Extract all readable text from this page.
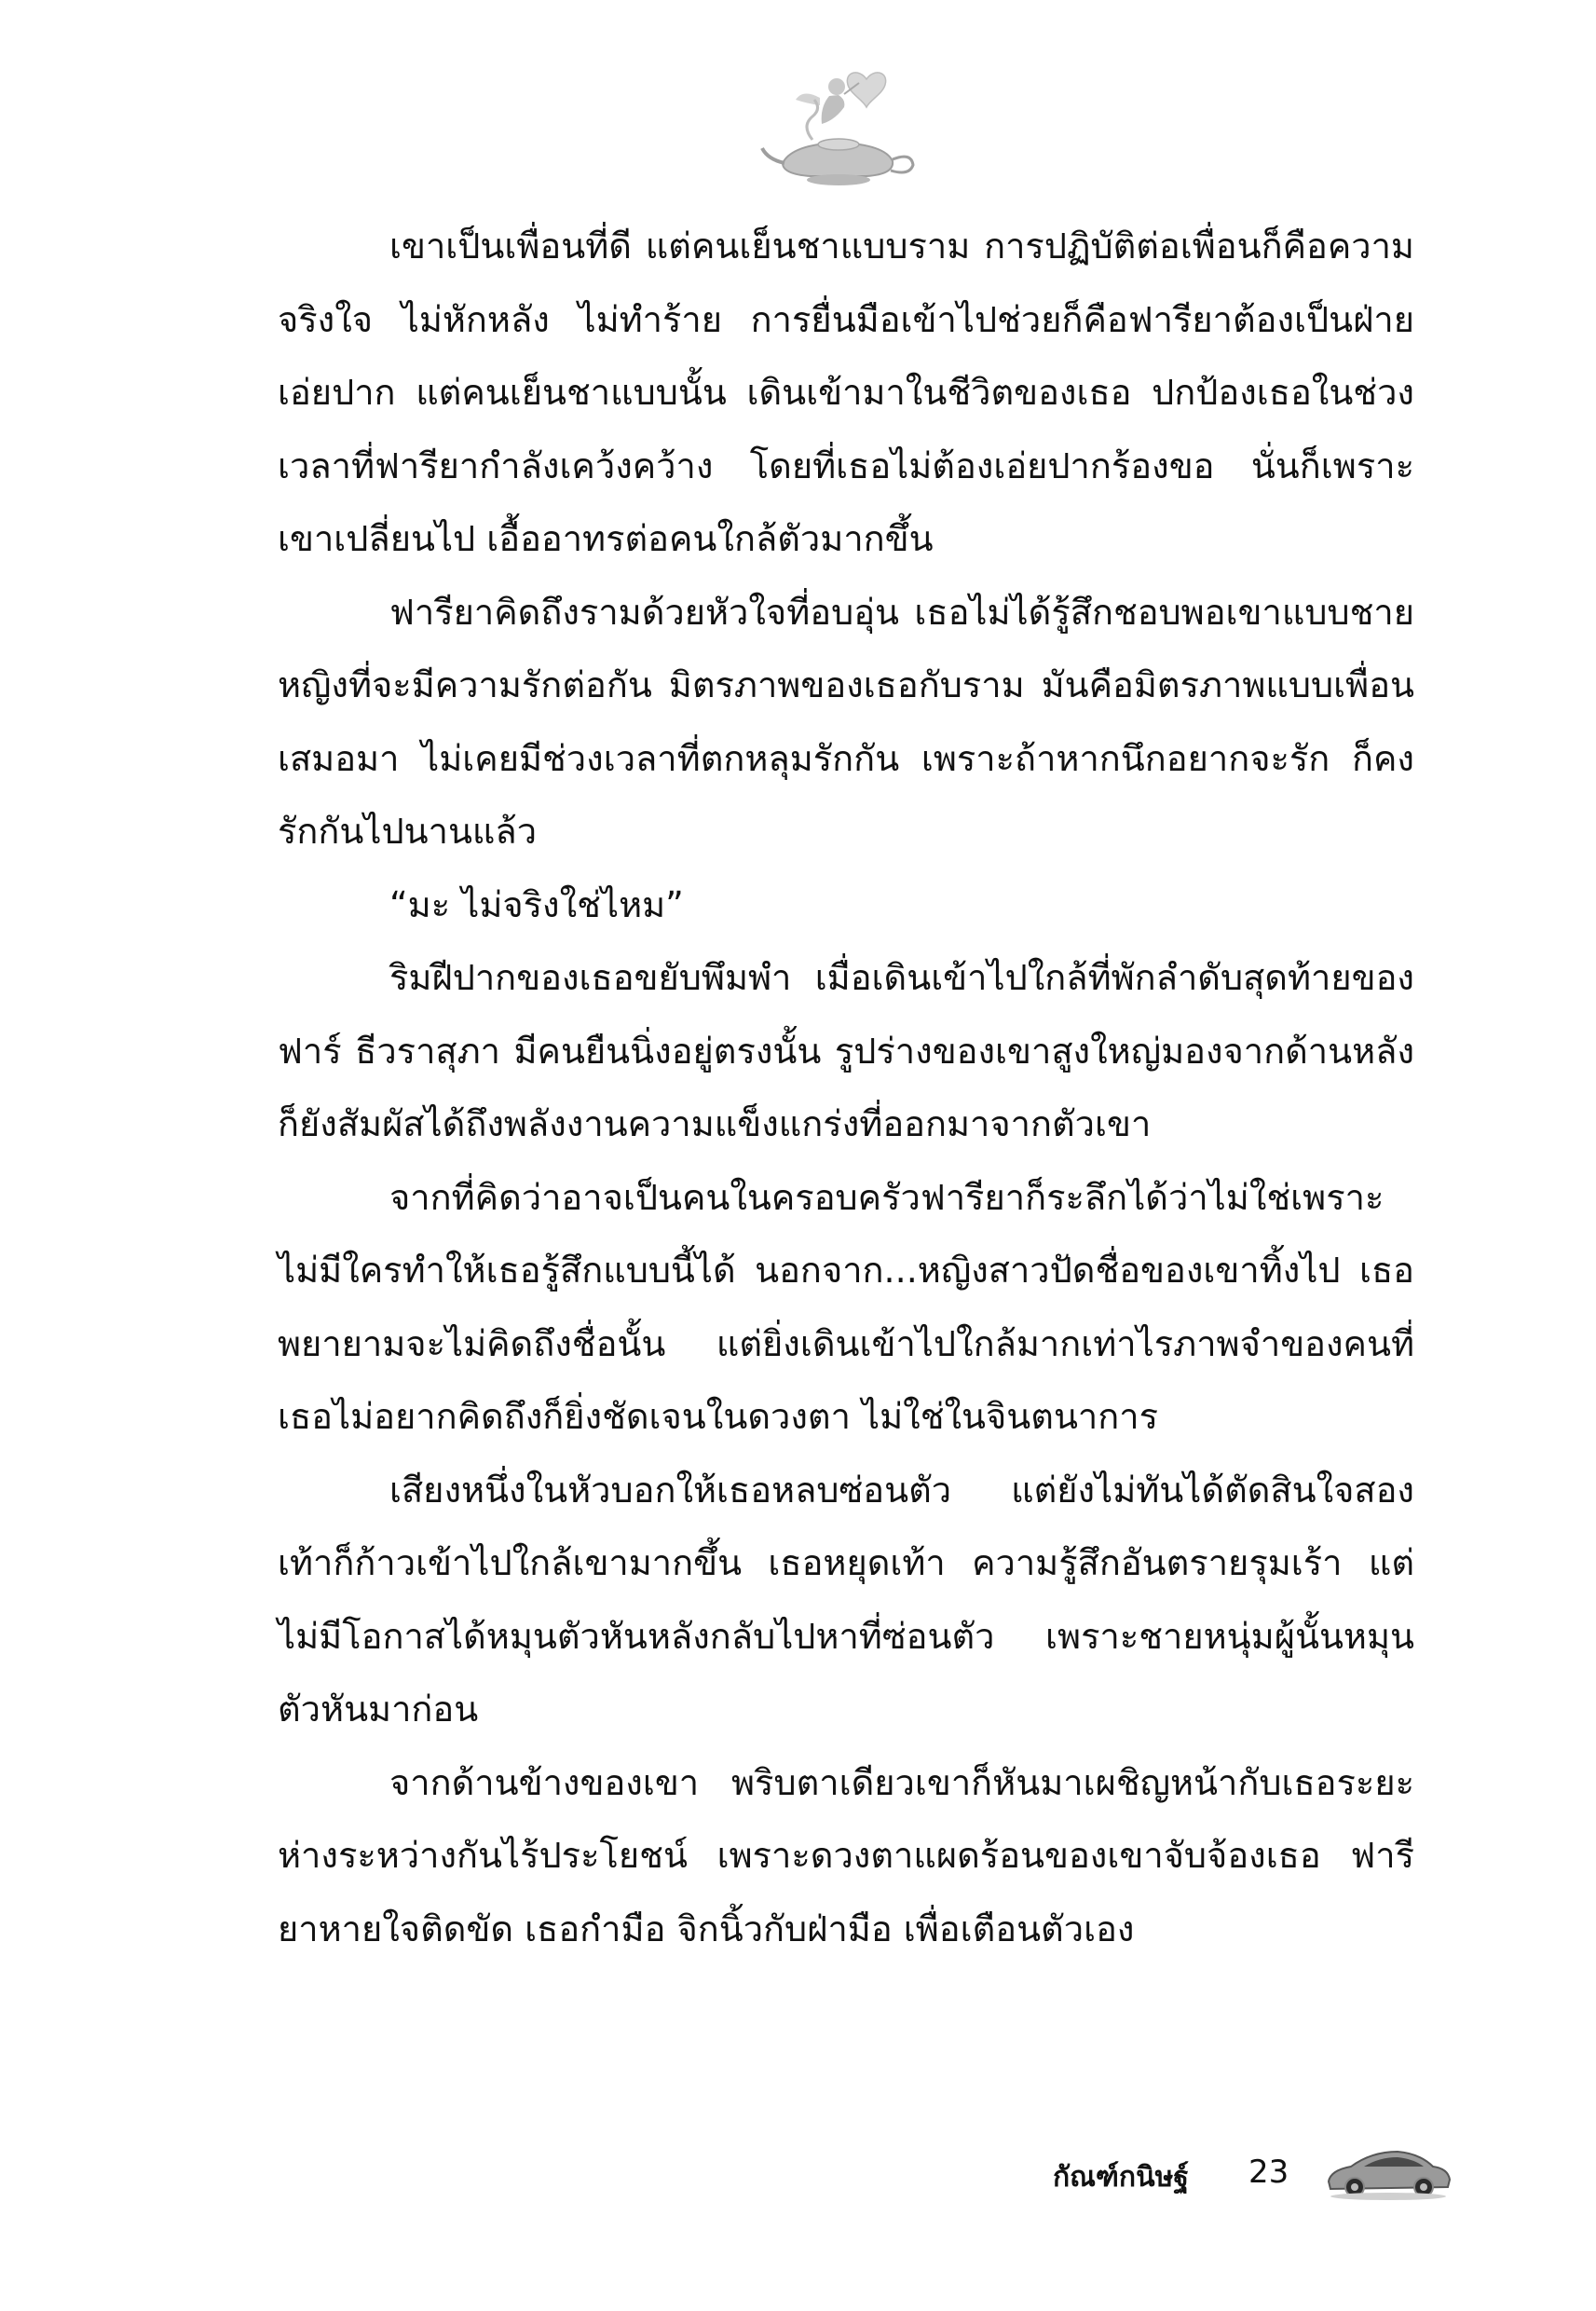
เขาเป็นเพื่อนที่ดี แต่คนเย็นชาแบบราม การปฏิบัติต่อเพื่อนก็คือความจริงใจ ไม่หักหลัง ไม่ทำร้าย การยื่นมือเข้าไปช่วยก็คือฟารียาต้องเป็นฝ่ายเอ่ยปาก แต่คนเย็นชาแบบนั้น เดินเข้ามาในชีวิตของเธอ ปกป้องเธอในช่วงเวลาที่ฟารียากำลังเคว้งคว้าง โดยที่เธอไม่ต้องเอ่ยปากร้องขอ นั่นก็เพราะเขาเปลี่ยนไป เอื้ออาทรต่อคนใกล้ตัวมากขึ้น

ฟารียาคิดถึงรามด้วยหัวใจที่อบอุ่น เธอไม่ได้รู้สึกชอบพอเขาแบบชายหญิงที่จะมีความรักต่อกัน มิตรภาพของเธอกับราม มันคือมิตรภาพแบบเพื่อนเสมอมา ไม่เคยมีช่วงเวลาที่ตกหลุมรักกัน เพราะถ้าหากนึกอยากจะรัก ก็คงรักกันไปนานแล้ว

“มะ ไม่จริงใช่ไหม”

ริมฝีปากของเธอขยับพึมพำ เมื่อเดินเข้าไปใกล้ที่พักลำดับสุดท้ายของ ฟาร์ ธีวราสุภา มีคนยืนนิ่งอยู่ตรงนั้น รูปร่างของเขาสูงใหญ่มองจากด้านหลังก็ยังสัมผัสได้ถึงพลังงานความแข็งแกร่งที่ออกมาจากตัวเขา

จากที่คิดว่าอาจเป็นคนในครอบครัวฟารียาก็ระลึกได้ว่าไม่ใช่เพราะไม่มีใครทำให้เธอรู้สึกแบบนี้ได้ นอกจาก...หญิงสาวปัดชื่อของเขาทิ้งไป เธอพยายามจะไม่คิดถึงชื่อนั้น แต่ยิ่งเดินเข้าไปใกล้มากเท่าไรภาพจำของคนที่เธอไม่อยากคิดถึงก็ยิ่งชัดเจนในดวงตา ไม่ใช่ในจินตนาการ

เสียงหนึ่งในหัวบอกให้เธอหลบซ่อนตัว แต่ยังไม่ทันได้ตัดสินใจสองเท้าก็ก้าวเข้าไปใกล้เขามากขึ้น เธอหยุดเท้า ความรู้สึกอันตรายรุมเร้า แต่ไม่มีโอกาสได้หมุนตัวหันหลังกลับไปหาที่ซ่อนตัว เพราะชายหนุ่มผู้นั้นหมุนตัวหันมาก่อน

จากด้านข้างของเขา พริบตาเดียวเขาก็หันมาเผชิญหน้ากับเธอระยะห่างระหว่างกันไร้ประโยชน์ เพราะดวงตาแผดร้อนของเขาจับจ้องเธอ ฟารียาหายใจติดขัด เธอกำมือ จิกนิ้วกับฝ่ามือ เพื่อเตือนตัวเอง

กัณฑ์กนิษฐ์ 23
